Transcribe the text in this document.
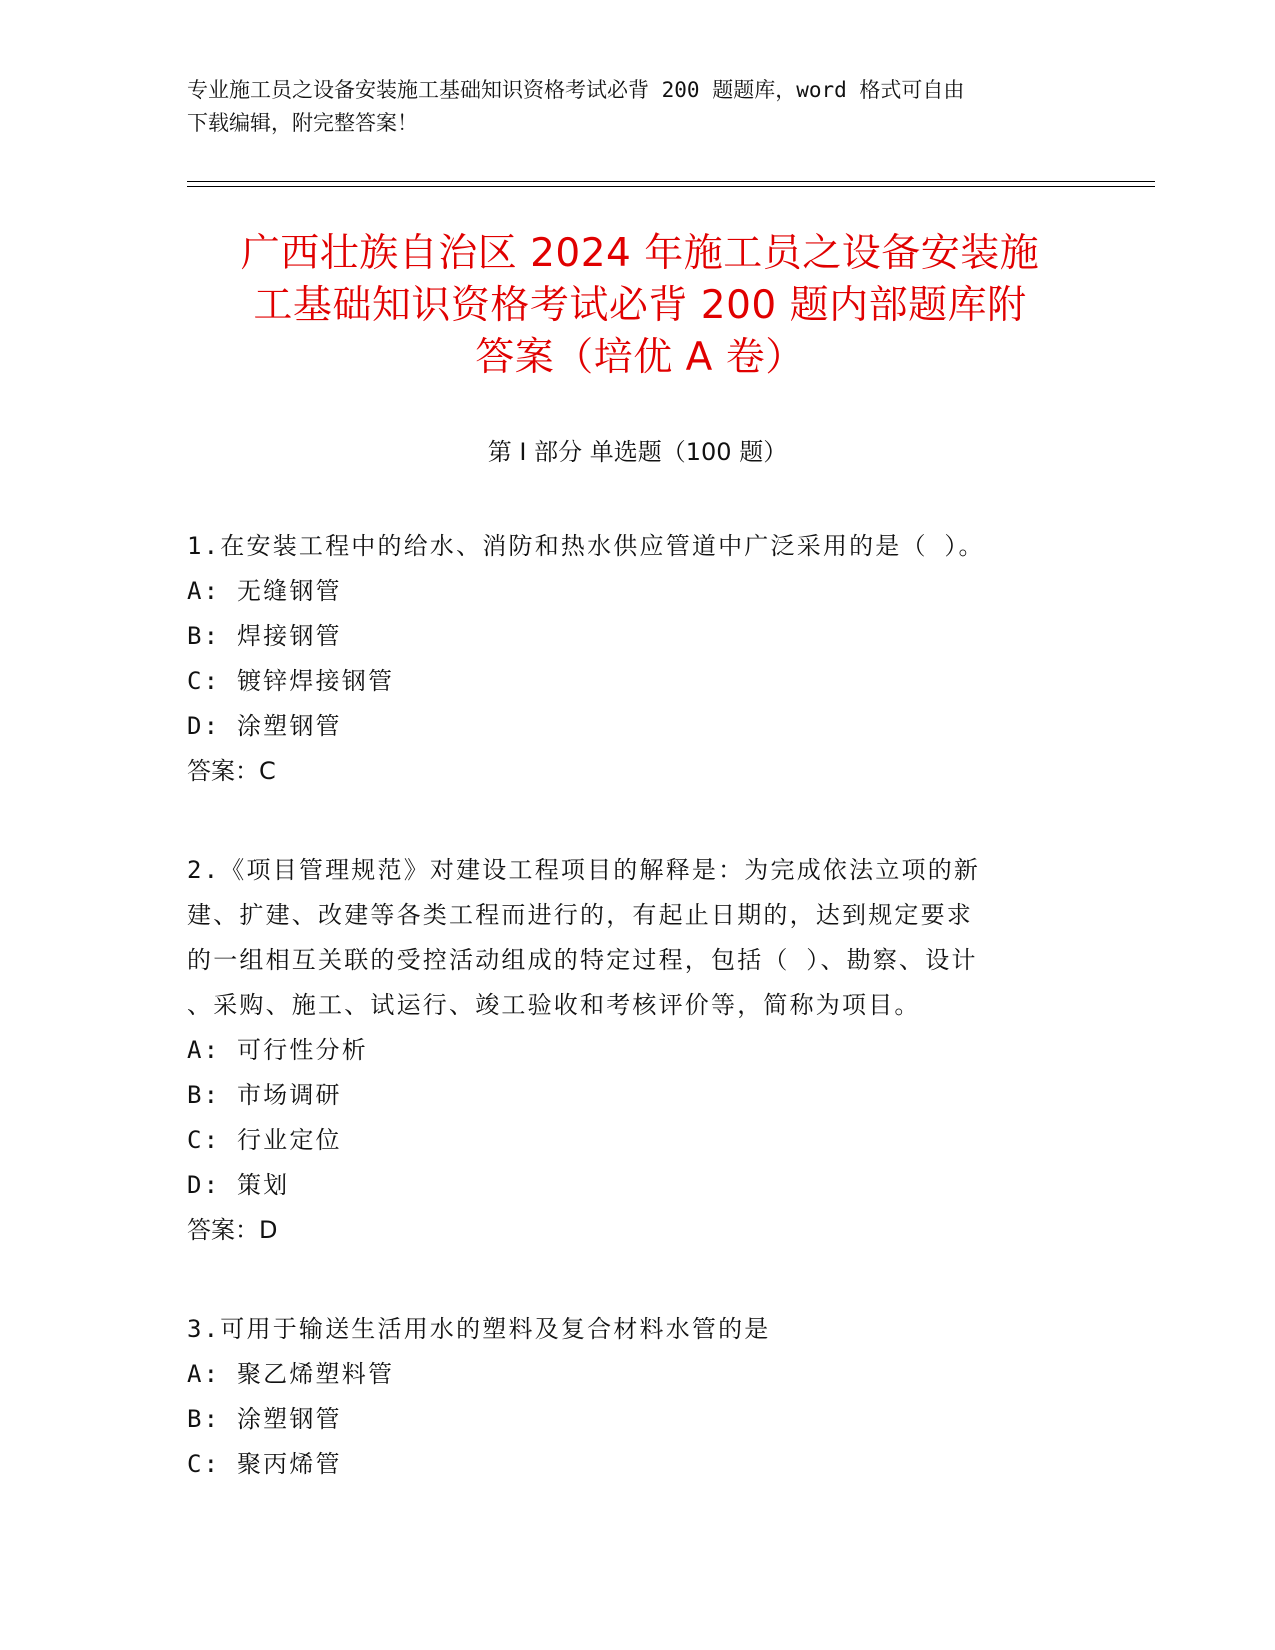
专业施工员之设备安装施工基础知识资格考试必背 200 题题库，word 格式可自由
下载编辑，附完整答案！
广西壮族自治区 2024 年施工员之设备安装施
工基础知识资格考试必背 200 题内部题库附
答案（培优 A 卷）
第 I 部分 单选题（100 题）

1.在安装工程中的给水、消防和热水供应管道中广泛采用的是（ ）。

A: 无缝钢管

B: 焊接钢管

C: 镀锌焊接钢管

D: 涂塑钢管

答案：C

2.《项目管理规范》对建设工程项目的解释是：为完成依法立项的新

建、扩建、改建等各类工程而进行的，有起止日期的，达到规定要求

的一组相互关联的受控活动组成的特定过程，包括（ ）、勘察、设计

、采购、施工、试运行、竣工验收和考核评价等，简称为项目。

A: 可行性分析

B: 市场调研

C: 行业定位

D: 策划

答案：D

3.可用于输送生活用水的塑料及复合材料水管的是

A: 聚乙烯塑料管

B: 涂塑钢管

C: 聚丙烯管
